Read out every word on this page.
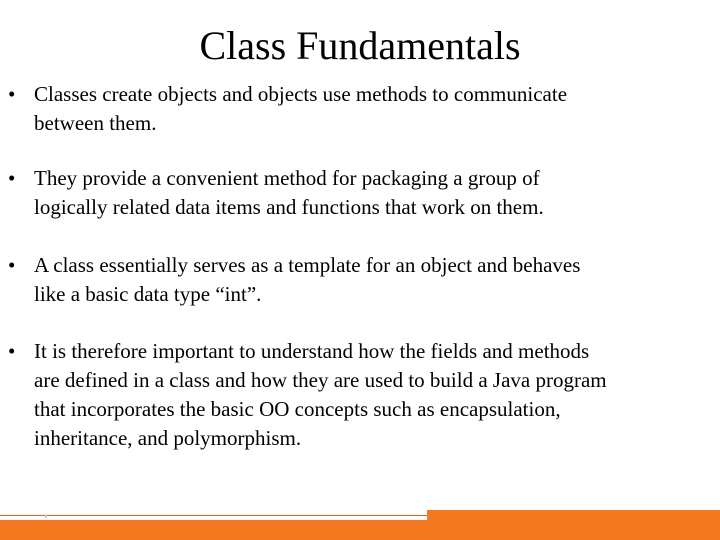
Class Fundamentals
• Classes create objects and objects use methods to communicate
between them.
• They provide a convenient method for packaging a group of
logically related data items and functions that work on them.
• A class essentially serves as a template for an object and behaves
like a basic data type “int”.
• It is therefore important to understand how the fields and methods
are defined in a class and how they are used to build a Java program
that incorporates the basic OO concepts such as encapsulation,
inheritance, and polymorphism.
